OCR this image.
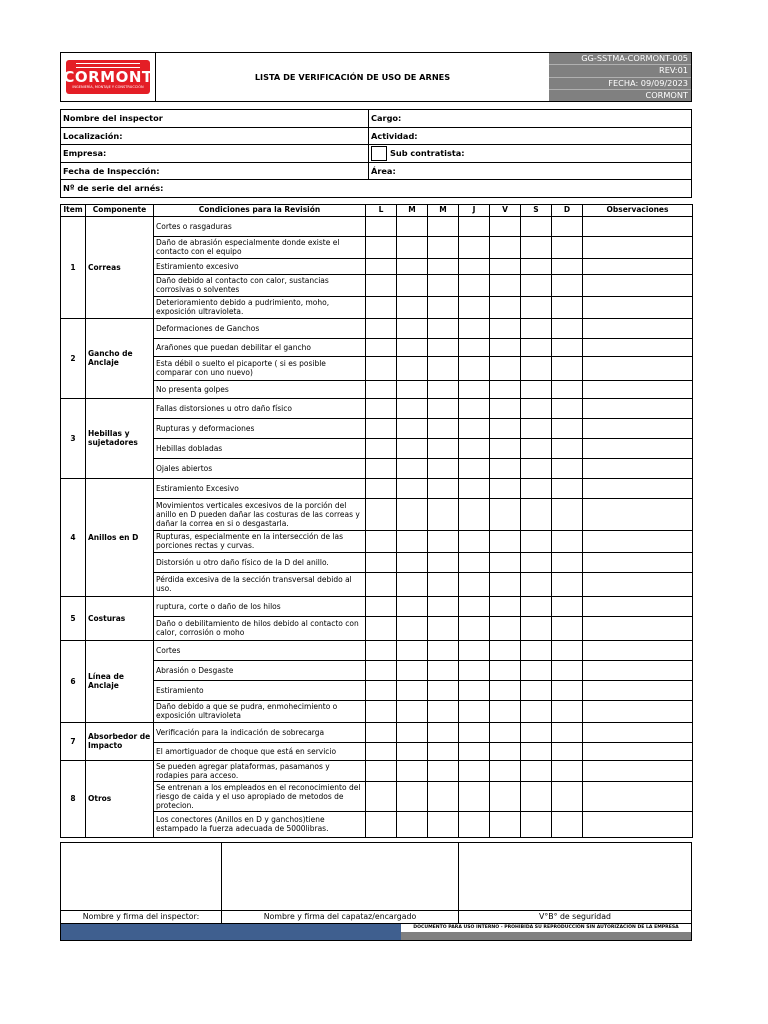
CORMONT
INGENIERÍA, MONTAJE Y CONSTRUCCIÓN
LISTA DE VERIFICACIÓN DE USO DE ARNES
GG-SSTMA-CORMONT-005
REV:01
FECHA: 09/09/2023
CORMONT
Nombre del inspector	Cargo:
Localización:	Actividad:
Empresa:	Sub contratista:
Fecha de Inspección:	Área:
Nº de serie del arnés:
Item	Componente	Condiciones para la Revisión	L	M	M	J	V	S	D	Observaciones
1	Correas	Cortes o rasgaduras								
		Daño de abrasión especialmente donde existe el contacto con el equipo								
		Estiramiento excesivo								
		Daño debido al contacto con calor, sustancias corrosivas o solventes								
		Deterioramiento debido a pudrimiento, moho, exposición ultravioleta.								
2	Gancho de Anclaje	Deformaciones de Ganchos								
		Arañones que puedan debilitar el gancho								
		Esta débil o suelto el picaporte ( si es posible comparar con uno nuevo)								
		No presenta golpes								
3	Hebillas y sujetadores	Fallas distorsiones u otro daño físico								
		Rupturas y deformaciones								
		Hebillas dobladas								
		Ojales abiertos								
4	Anillos en D	Estiramiento Excesivo								
		Movimientos verticales excesivos de la porción del anillo en D pueden dañar las costuras de las correas y dañar la correa en si o desgastarla.								
		Rupturas, especialmente en la intersección de las porciones rectas y curvas.								
		Distorsión u otro daño físico de la D del anillo.								
		Pérdida excesiva de la sección transversal debido al uso.								
5	Costuras	ruptura, corte o daño de los hilos								
		Daño o debilitamiento de hilos debido al contacto con calor, corrosión o moho								
6	Línea de Anclaje	Cortes								
		Abrasión o Desgaste								
		Estiramiento								
		Daño debido a que se pudra, enmohecimiento o exposición ultravioleta								
7	Absorbedor de Impacto	Verificación para la indicación de sobrecarga								
		El amortiguador de choque que está en servicio								
8	Otros	Se pueden agregar plataformas, pasamanos y rodapies para acceso.								
		Se entrenan a los empleados en el reconocimiento del riesgo de caida y el uso apropiado de metodos de protecion.								
		Los conectores (Anillos en D y ganchos)tiene estampado la fuerza adecuada de 5000libras.								
Nombre y firma del inspector:	Nombre y firma del capataz/encargado	V°B° de seguridad
DOCUMENTO PARA USO INTERNO - PROHIBIDA SU REPRODUCCIÓN SIN AUTORIZACIÓN DE LA EMPRESA
